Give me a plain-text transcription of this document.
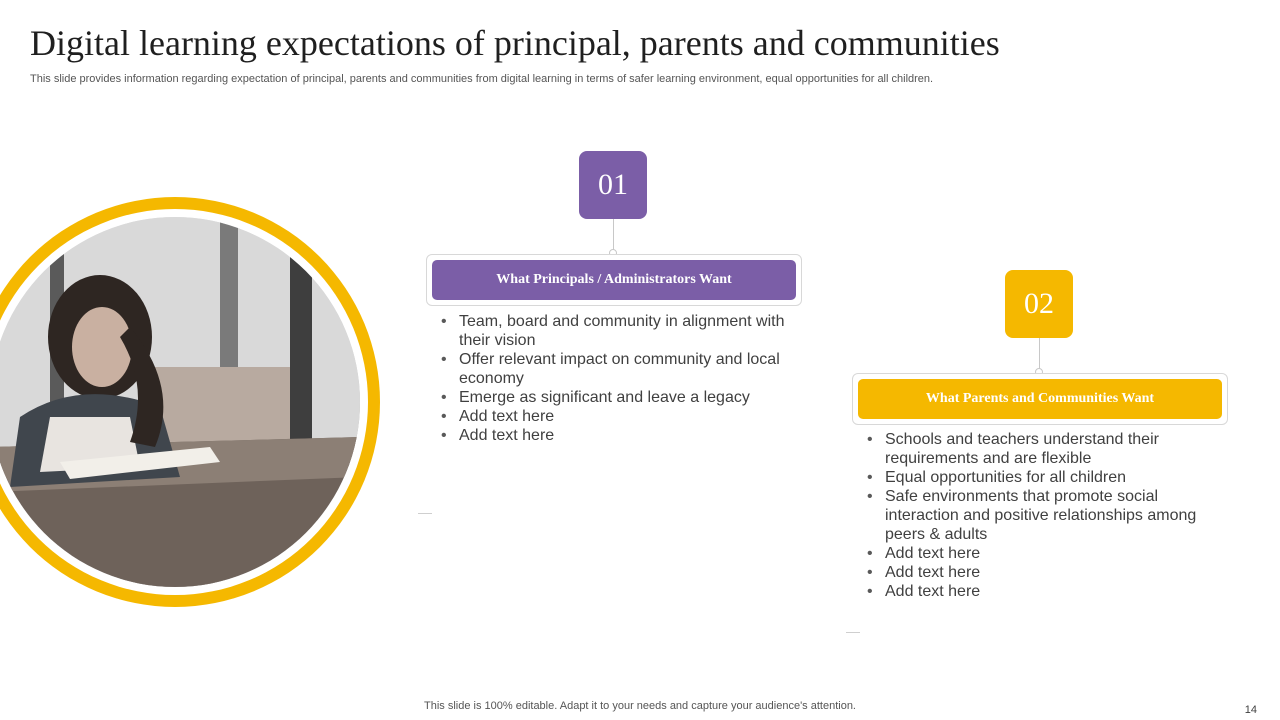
Digital learning expectations of principal, parents and communities
This slide provides information regarding expectation of principal, parents and communities from digital learning in terms of safer learning environment, equal opportunities for all children.
01
What Principals / Administrators Want
• Team, board and community in alignment with their vision
• Offer relevant impact on community and local economy
• Emerge as significant and leave a legacy
• Add text here
• Add text here
02
What Parents and Communities Want
• Schools and teachers understand their requirements and are flexible
• Equal opportunities for all children
• Safe environments that promote social interaction and positive relationships among peers & adults
• Add text here
• Add text here
• Add text here
This slide is 100% editable. Adapt it to your needs and capture your audience's attention.	14
